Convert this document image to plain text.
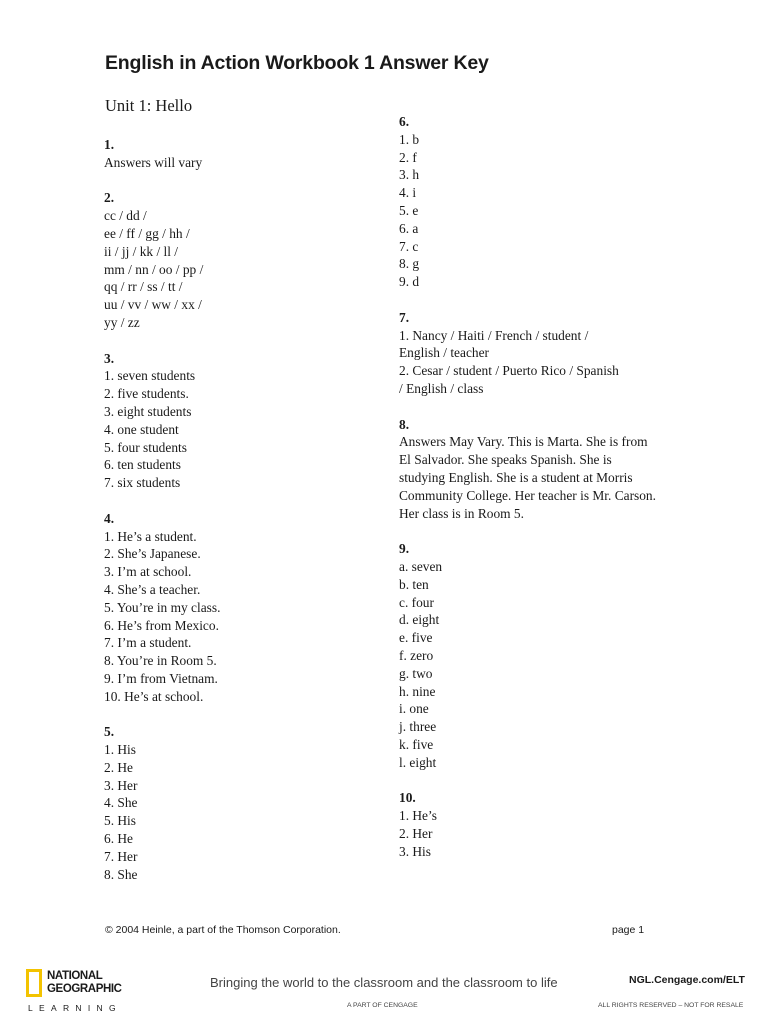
English in Action Workbook 1 Answer Key
Unit 1: Hello
1.
Answers will vary
2.
cc / dd /
ee / ff / gg / hh /
ii / jj / kk / ll /
mm / nn / oo / pp /
qq / rr / ss / tt /
uu / vv / ww / xx /
yy / zz
3.
1. seven students
2. five students.
3. eight students
4. one student
5. four students
6. ten students
7. six students
4.
1. He’s a student.
2. She’s Japanese.
3. I’m at school.
4. She’s a teacher.
5. You’re in my class.
6. He’s from Mexico.
7. I’m a student.
8. You’re in Room 5.
9. I’m from Vietnam.
10. He’s at school.
5.
1. His
2. He
3. Her
4. She
5. His
6. He
7. Her
8. She
6.
1. b
2. f
3. h
4. i
5. e
6. a
7. c
8. g
9. d
7.
1. Nancy / Haiti / French / student /
English / teacher
2. Cesar / student / Puerto Rico / Spanish
/ English / class
8.
Answers May Vary. This is Marta. She is from El Salvador. She speaks Spanish. She is studying English. She is a student at Morris Community College. Her teacher is Mr. Carson. Her class is in Room 5.
9.
a. seven
b. ten
c. four
d. eight
e. five
f. zero
g. two
h. nine
i. one
j. three
k. five
l. eight
10.
1. He’s
2. Her
3. His
© 2004 Heinle, a part of the Thomson Corporation.	page 1
NATIONAL
GEOGRAPHIC
LEARNING
Bringing the world to the classroom and the classroom to life
A PART OF CENGAGE
NGL.Cengage.com/ELT
ALL RIGHTS RESERVED – NOT FOR RESALE
